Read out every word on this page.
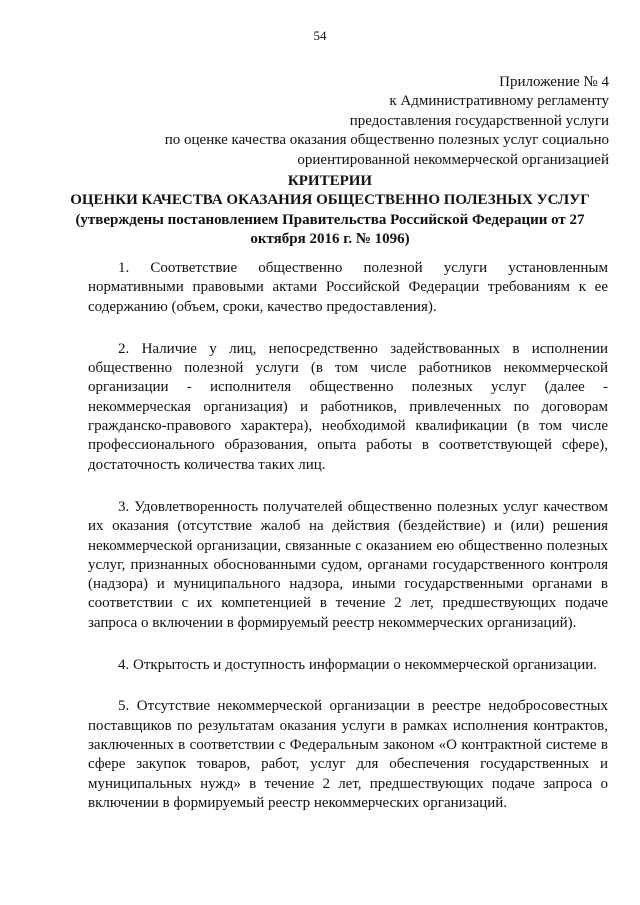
54
Приложение № 4
к Административному регламенту
предоставления государственной услуги
по оценке качества оказания общественно полезных услуг социально
ориентированной некоммерческой организацией
КРИТЕРИИ
ОЦЕНКИ КАЧЕСТВА ОКАЗАНИЯ ОБЩЕСТВЕННО ПОЛЕЗНЫХ УСЛУГ
(утверждены постановлением Правительства Российской Федерации от 27
октября 2016 г. № 1096)

1. Соответствие общественно полезной услуги установленным нормативными правовыми актами Российской Федерации требованиям к ее содержанию (объем, сроки, качество предоставления).

2. Наличие у лиц, непосредственно задействованных в исполнении общественно полезной услуги (в том числе работников некоммерческой организации - исполнителя общественно полезных услуг (далее - некоммерческая организация) и работников, привлеченных по договорам гражданско-правового характера), необходимой квалификации (в том числе профессионального образования, опыта работы в соответствующей сфере), достаточность количества таких лиц.

3. Удовлетворенность получателей общественно полезных услуг качеством их оказания (отсутствие жалоб на действия (бездействие) и (или) решения некоммерческой организации, связанные с оказанием ею общественно полезных услуг, признанных обоснованными судом, органами государственного контроля (надзора) и муниципального надзора, иными государственными органами в соответствии с их компетенцией в течение 2 лет, предшествующих подаче запроса о включении в формируемый реестр некоммерческих организаций).

4. Открытость и доступность информации о некоммерческой организации.

5. Отсутствие некоммерческой организации в реестре недобросовестных поставщиков по результатам оказания услуги в рамках исполнения контрактов, заключенных в соответствии с Федеральным законом «О контрактной системе в сфере закупок товаров, работ, услуг для обеспечения государственных и муниципальных нужд» в течение 2 лет, предшествующих подаче запроса о включении в формируемый реестр некоммерческих организаций.
